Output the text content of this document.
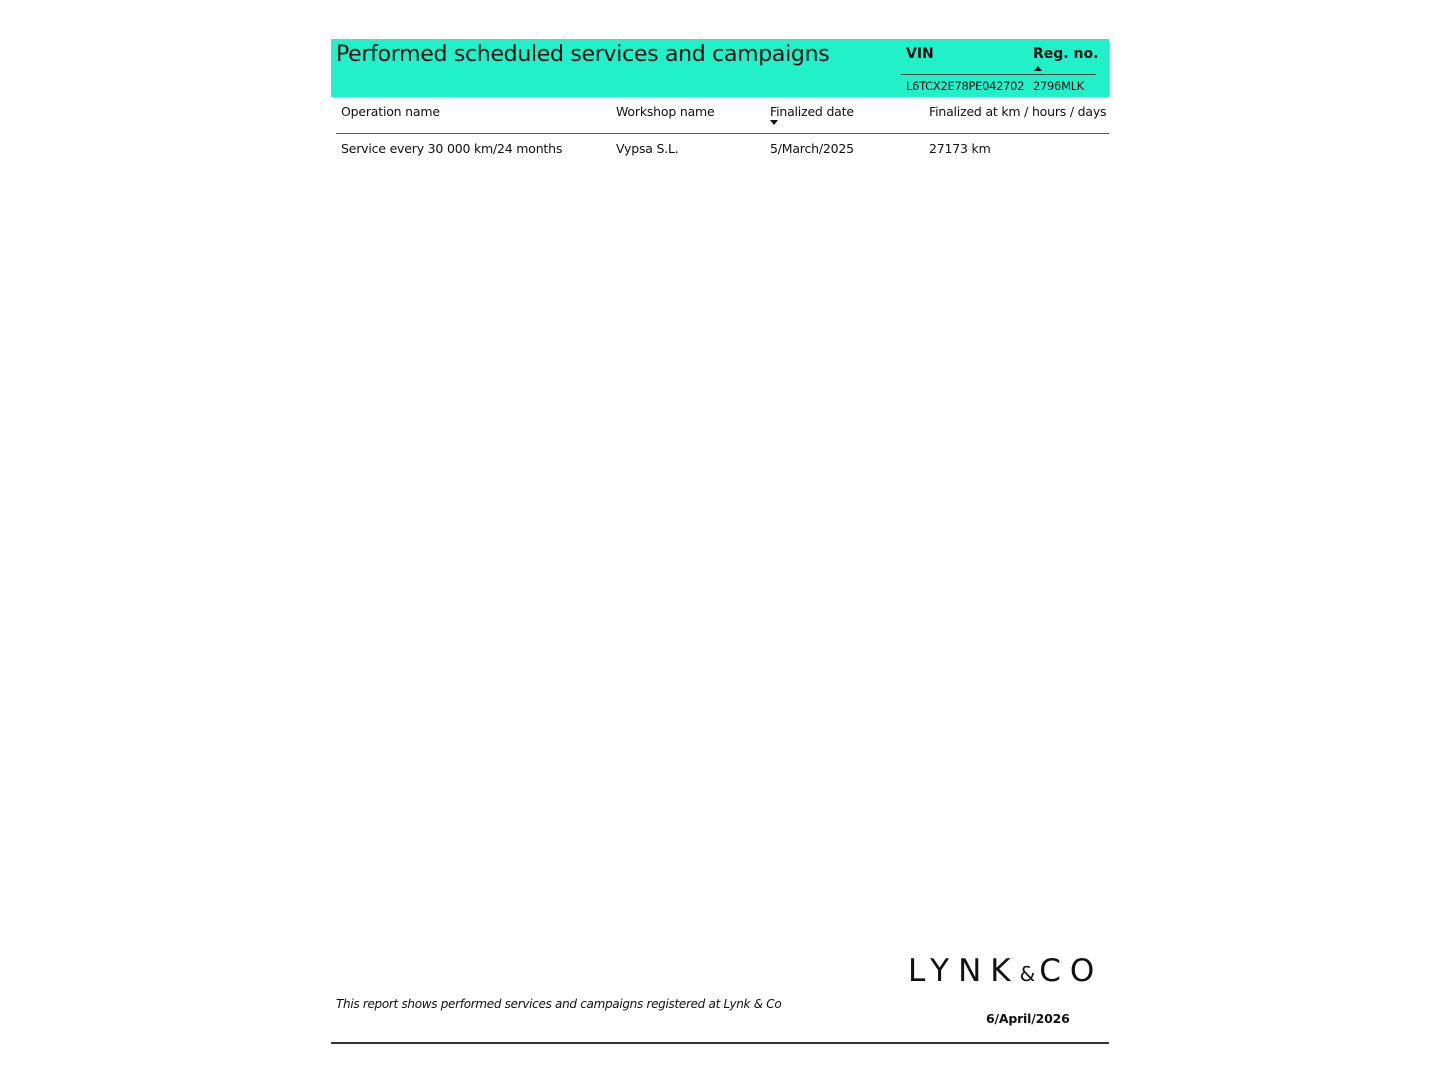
Performed scheduled services and campaigns	VIN	Reg. no.
L6TCX2E78PE042702 2796MLK
Operation name	Workshop name	Finalized date	Finalized at km / hours / days
Service every 30 000 km/24 months	Vypsa S.L.	5/March/2025	27173 km
LYNK&CO
This report shows performed services and campaigns registered at Lynk & Co
6/April/2026
